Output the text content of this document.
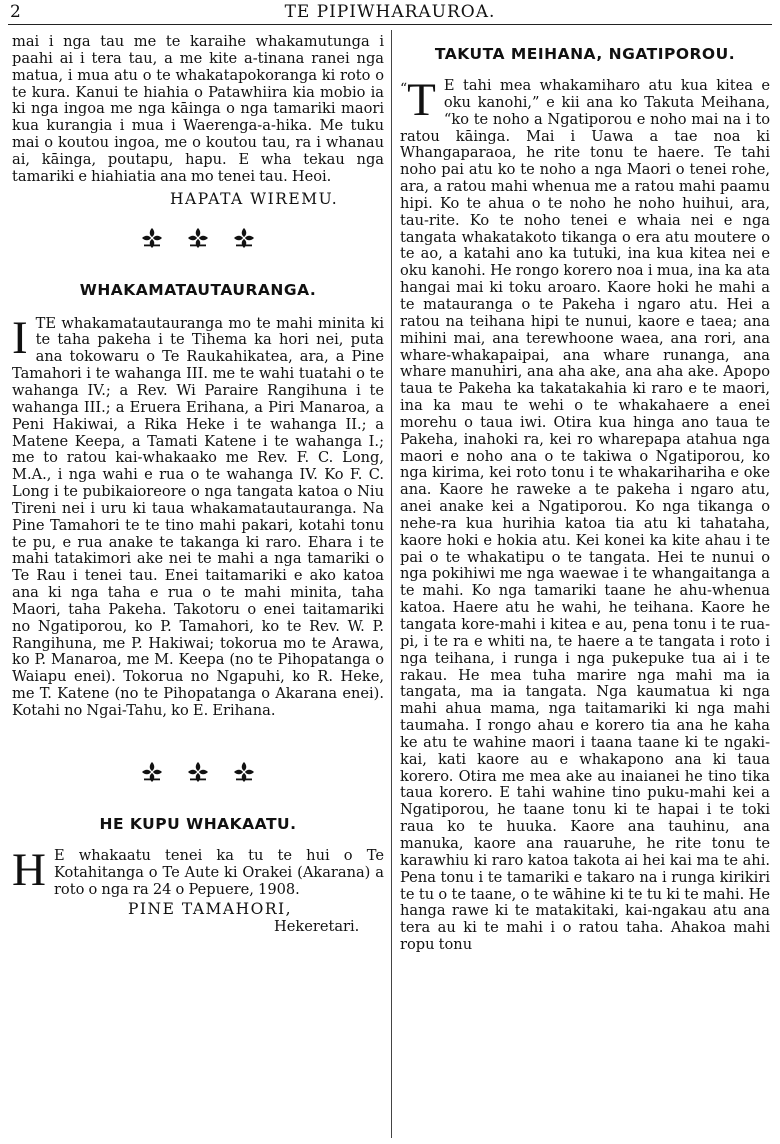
2	TE PIPIWHARAUROA.

mai i nga tau me te karaihe whakamutunga i paahi ai i tera tau, a me kite a-tinana ranei nga matua, i mua atu o te whakatapokoranga ki roto o te kura. Kanui te hiahia o Patawhiira kia mobio ia ki nga ingoa me nga kāinga o nga tamariki maori kua kurangia i mua i Waerenga-a-hika. Me tuku mai o koutou ingoa, me o koutou tau, ra i whanau ai, kāinga, poutapu, hapu. E wha tekau nga tamariki e hiahiatia ana mo tenei tau. Heoi.

HAPATA WIREMU.
WHAKAMATAUTAURANGA.
I TE whakamatautauranga mo te mahi minita ki te taha pakeha i te Tihema ka hori nei, puta ana tokowaru o Te Raukahikatea, ara, a Pine Tamahori i te wahanga III. me te wahi tuatahi o te wahanga IV.; a Rev. Wi Paraire Rangihuna i te wahanga III.; a Eruera Erihana, a Piri Manaroa, a Peni Hakiwai, a Rika Heke i te wahanga II.; a Matene Keepa, a Tamati Katene i te wahanga I.; me to ratou kai-whakaako me Rev. F. C. Long, M.A., i nga wahi e rua o te wahanga IV. Ko F. C. Long i te pubikaioreore o nga tangata katoa o Niu Tireni nei i uru ki taua whakamatautauranga. Na Pine Tamahori te te tino mahi pakari, kotahi tonu te pu, e rua anake te takanga ki raro. Ehara i te mahi tatakimori ake nei te mahi a nga tamariki o Te Rau i tenei tau. Enei taitamariki e ako katoa ana ki nga taha e rua o te mahi minita, taha Maori, taha Pakeha. Takotoru o enei taitamariki no Ngatiporou, ko P. Tamahori, ko te Rev. W. P. Rangihuna, me P. Hakiwai; tokorua mo te Arawa, ko P. Manaroa, me M. Keepa (no te Pihopatanga o Waiapu enei). Tokorua no Ngapuhi, ko R. Heke, me T. Katene (no te Pihopatanga o Akarana enei). Kotahi no Ngai-Tahu, ko E. Erihana.

HE KUPU WHAKAATU.
H E whakaatu tenei ka tu te hui o Te Kotahitanga o Te Aute ki Orakei (Akarana) a roto o nga ra 24 o Pepuere, 1908.

PINE TAMAHORI,
Hekeretari.
TAKUTA MEIHANA, NGATIPOROU.
“ T E tahi mea whakamiharo atu kua kitea e oku kanohi,” e kii ana ko Takuta Meihana, “ko te noho a Ngatiporou e noho mai na i to ratou kāinga. Mai i Uawa a tae noa ki Whangaparaoa, he rite tonu te haere. Te tahi noho pai atu ko te noho a nga Maori o tenei rohe, ara, a ratou mahi whenua me a ratou mahi paamu hipi. Ko te ahua o te noho he noho huihui, ara, tau-rite. Ko te noho tenei e whaia nei e nga tangata whakatakoto tikanga o era atu moutere o te ao, a katahi ano ka tutuki, ina kua kitea nei e oku kanohi. He rongo korero noa i mua, ina ka ata hangai mai ki toku aroaro. Kaore hoki he mahi a te matauranga o te Pakeha i ngaro atu. Hei a ratou na teihana hipi te nunui, kaore e taea; ana mihini mai, ana terewhoone waea, ana rori, ana whare-whakapaipai, ana whare runanga, ana whare manuhiri, ana aha ake, ana aha ake. Apopo taua te Pakeha ka takatakahia ki raro e te maori, ina ka mau te wehi o te whakahaere a enei morehu o taua iwi. Otira kua hinga ano taua te Pakeha, inahoki ra, kei ro wharepapa atahua nga maori e noho ana o te takiwa o Ngatiporou, ko nga kirima, kei roto tonu i te whakarihariha e oke ana. Kaore he raweke a te pakeha i ngaro atu, anei anake kei a Ngatiporou. Ko nga tikanga o nehe-ra kua hurihia katoa tia atu ki tahataha, kaore hoki e hokia atu. Kei konei ka kite ahau i te pai o te whakatipu o te tangata. Hei te nunui o nga pokihiwi me nga waewae i te whangaitanga a te mahi. Ko nga tamariki taane he ahu-whenua katoa. Haere atu he wahi, he teihana. Kaore he tangata kore-mahi i kitea e au, pena tonu i te rua-pi, i te ra e whiti na, te haere a te tangata i roto i nga teihana, i runga i nga pukepuke tua ai i te rakau. He mea tuha marire nga mahi ma ia tangata, ma ia tangata. Nga kaumatua ki nga mahi ahua mama, nga taitamariki ki nga mahi taumaha. I rongo ahau e korero tia ana he kaha ke atu te wahine maori i taana taane ki te ngaki-kai, kati kaore au e whakapono ana ki taua korero. Otira me mea ake au inaianei he tino tika taua korero. E tahi wahine tino puku-mahi kei a Ngatiporou, he taane tonu ki te hapai i te toki raua ko te huuka. Kaore ana tauhinu, ana manuka, kaore ana rauaruhe, he rite tonu te karawhiu ki raro katoa takota ai hei kai ma te ahi. Pena tonu i te tamariki e takaro na i runga kirikiri te tu o te taane, o te wāhine ki te tu ki te mahi. He hanga rawe ki te matakitaki, kai-ngakau atu ana tera au ki te mahi i o ratou taha. Ahakoa mahi ropu tonu
